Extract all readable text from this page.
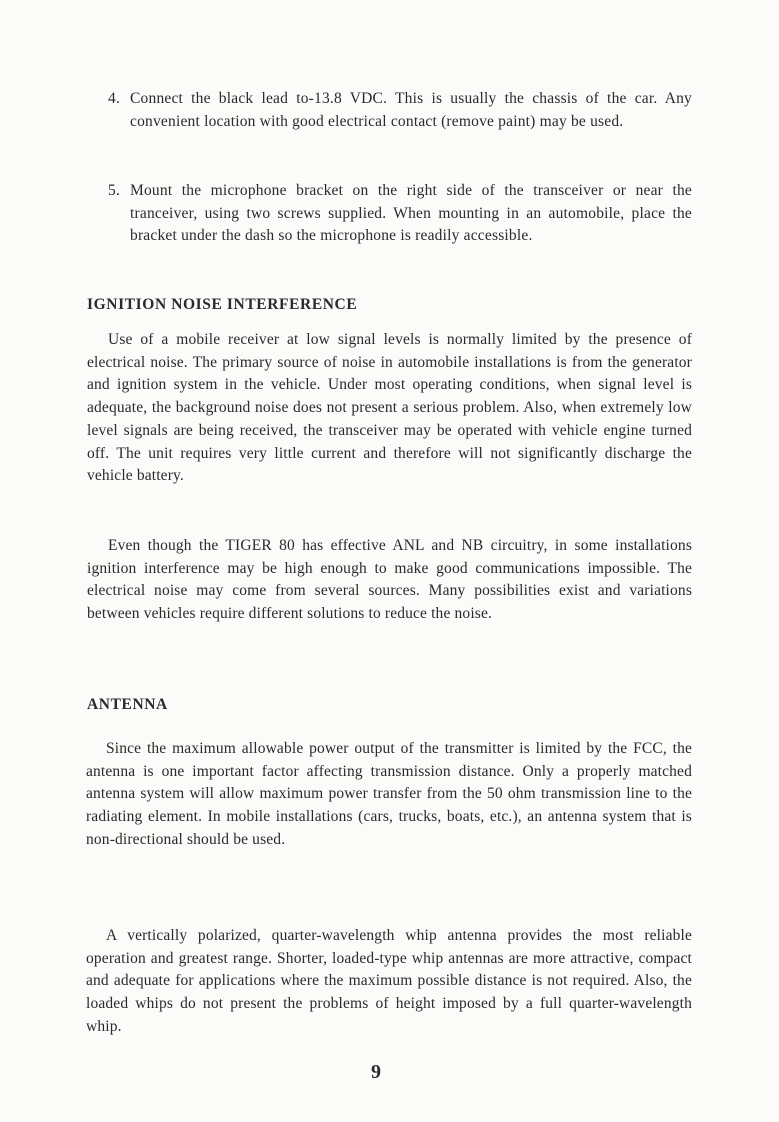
4. Connect the black lead to-13.8 VDC. This is usually the chassis of the car. Any convenient location with good electrical contact (remove paint) may be used.
5. Mount the microphone bracket on the right side of the transceiver or near the tranceiver, using two screws supplied. When mounting in an automobile, place the bracket under the dash so the microphone is readily accessible.
IGNITION NOISE INTERFERENCE

Use of a mobile receiver at low signal levels is normally limited by the presence of electrical noise. The primary source of noise in automobile installations is from the generator and ignition system in the vehicle. Under most operating conditions, when signal level is adequate, the background noise does not present a serious problem. Also, when extremely low level signals are being received, the transceiver may be operated with vehicle engine turned off. The unit requires very little current and therefore will not significantly discharge the vehicle battery.

Even though the TIGER 80 has effective ANL and NB circuitry, in some installations ignition interference may be high enough to make good communications impossible. The electrical noise may come from several sources. Many possibilities exist and variations between vehicles require different solutions to reduce the noise.

ANTENNA

Since the maximum allowable power output of the transmitter is limited by the FCC, the antenna is one important factor affecting transmission distance. Only a properly matched antenna system will allow maximum power transfer from the 50 ohm transmission line to the radiating element. In mobile installations (cars, trucks, boats, etc.), an antenna system that is non-directional should be used.

A vertically polarized, quarter-wavelength whip antenna provides the most reliable operation and greatest range. Shorter, loaded-type whip antennas are more attractive, compact and adequate for applications where the maximum possible distance is not required. Also, the loaded whips do not present the problems of height imposed by a full quarter-wavelength whip.

9
